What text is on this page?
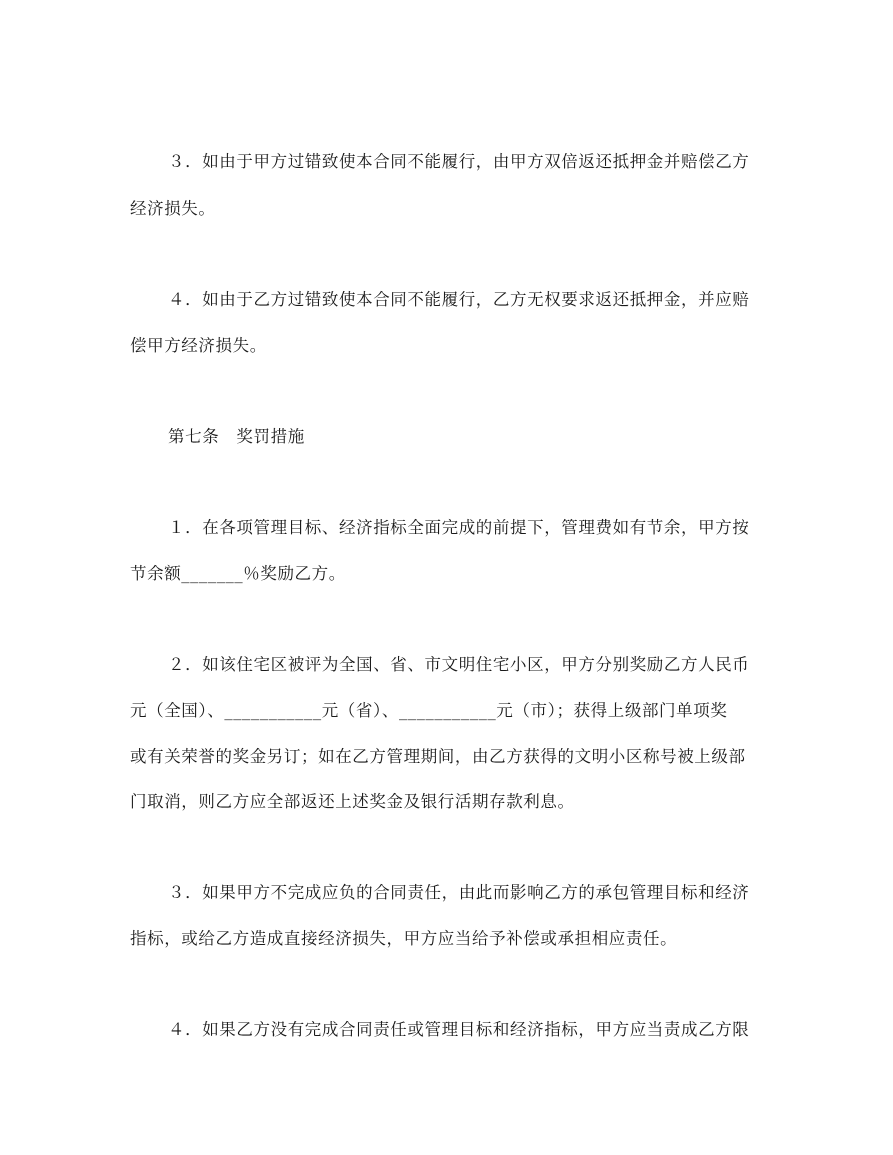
３．如由于甲方过错致使本合同不能履行，由甲方双倍返还抵押金并赔偿乙方
经济损失。
４．如由于乙方过错致使本合同不能履行，乙方无权要求返还抵押金，并应赔
偿甲方经济损失。
第七条　奖罚措施
１．在各项管理目标、经济指标全面完成的前提下，管理费如有节余，甲方按
节余额_______％奖励乙方。
２．如该住宅区被评为全国、省、市文明住宅小区，甲方分别奖励乙方人民币
元（全国）、___________元（省）、___________元（市）；获得上级部门单项奖
或有关荣誉的奖金另订；如在乙方管理期间，由乙方获得的文明小区称号被上级部
门取消，则乙方应全部返还上述奖金及银行活期存款利息。
３．如果甲方不完成应负的合同责任，由此而影响乙方的承包管理目标和经济
指标，或给乙方造成直接经济损失，甲方应当给予补偿或承担相应责任。
４．如果乙方没有完成合同责任或管理目标和经济指标，甲方应当责成乙方限
